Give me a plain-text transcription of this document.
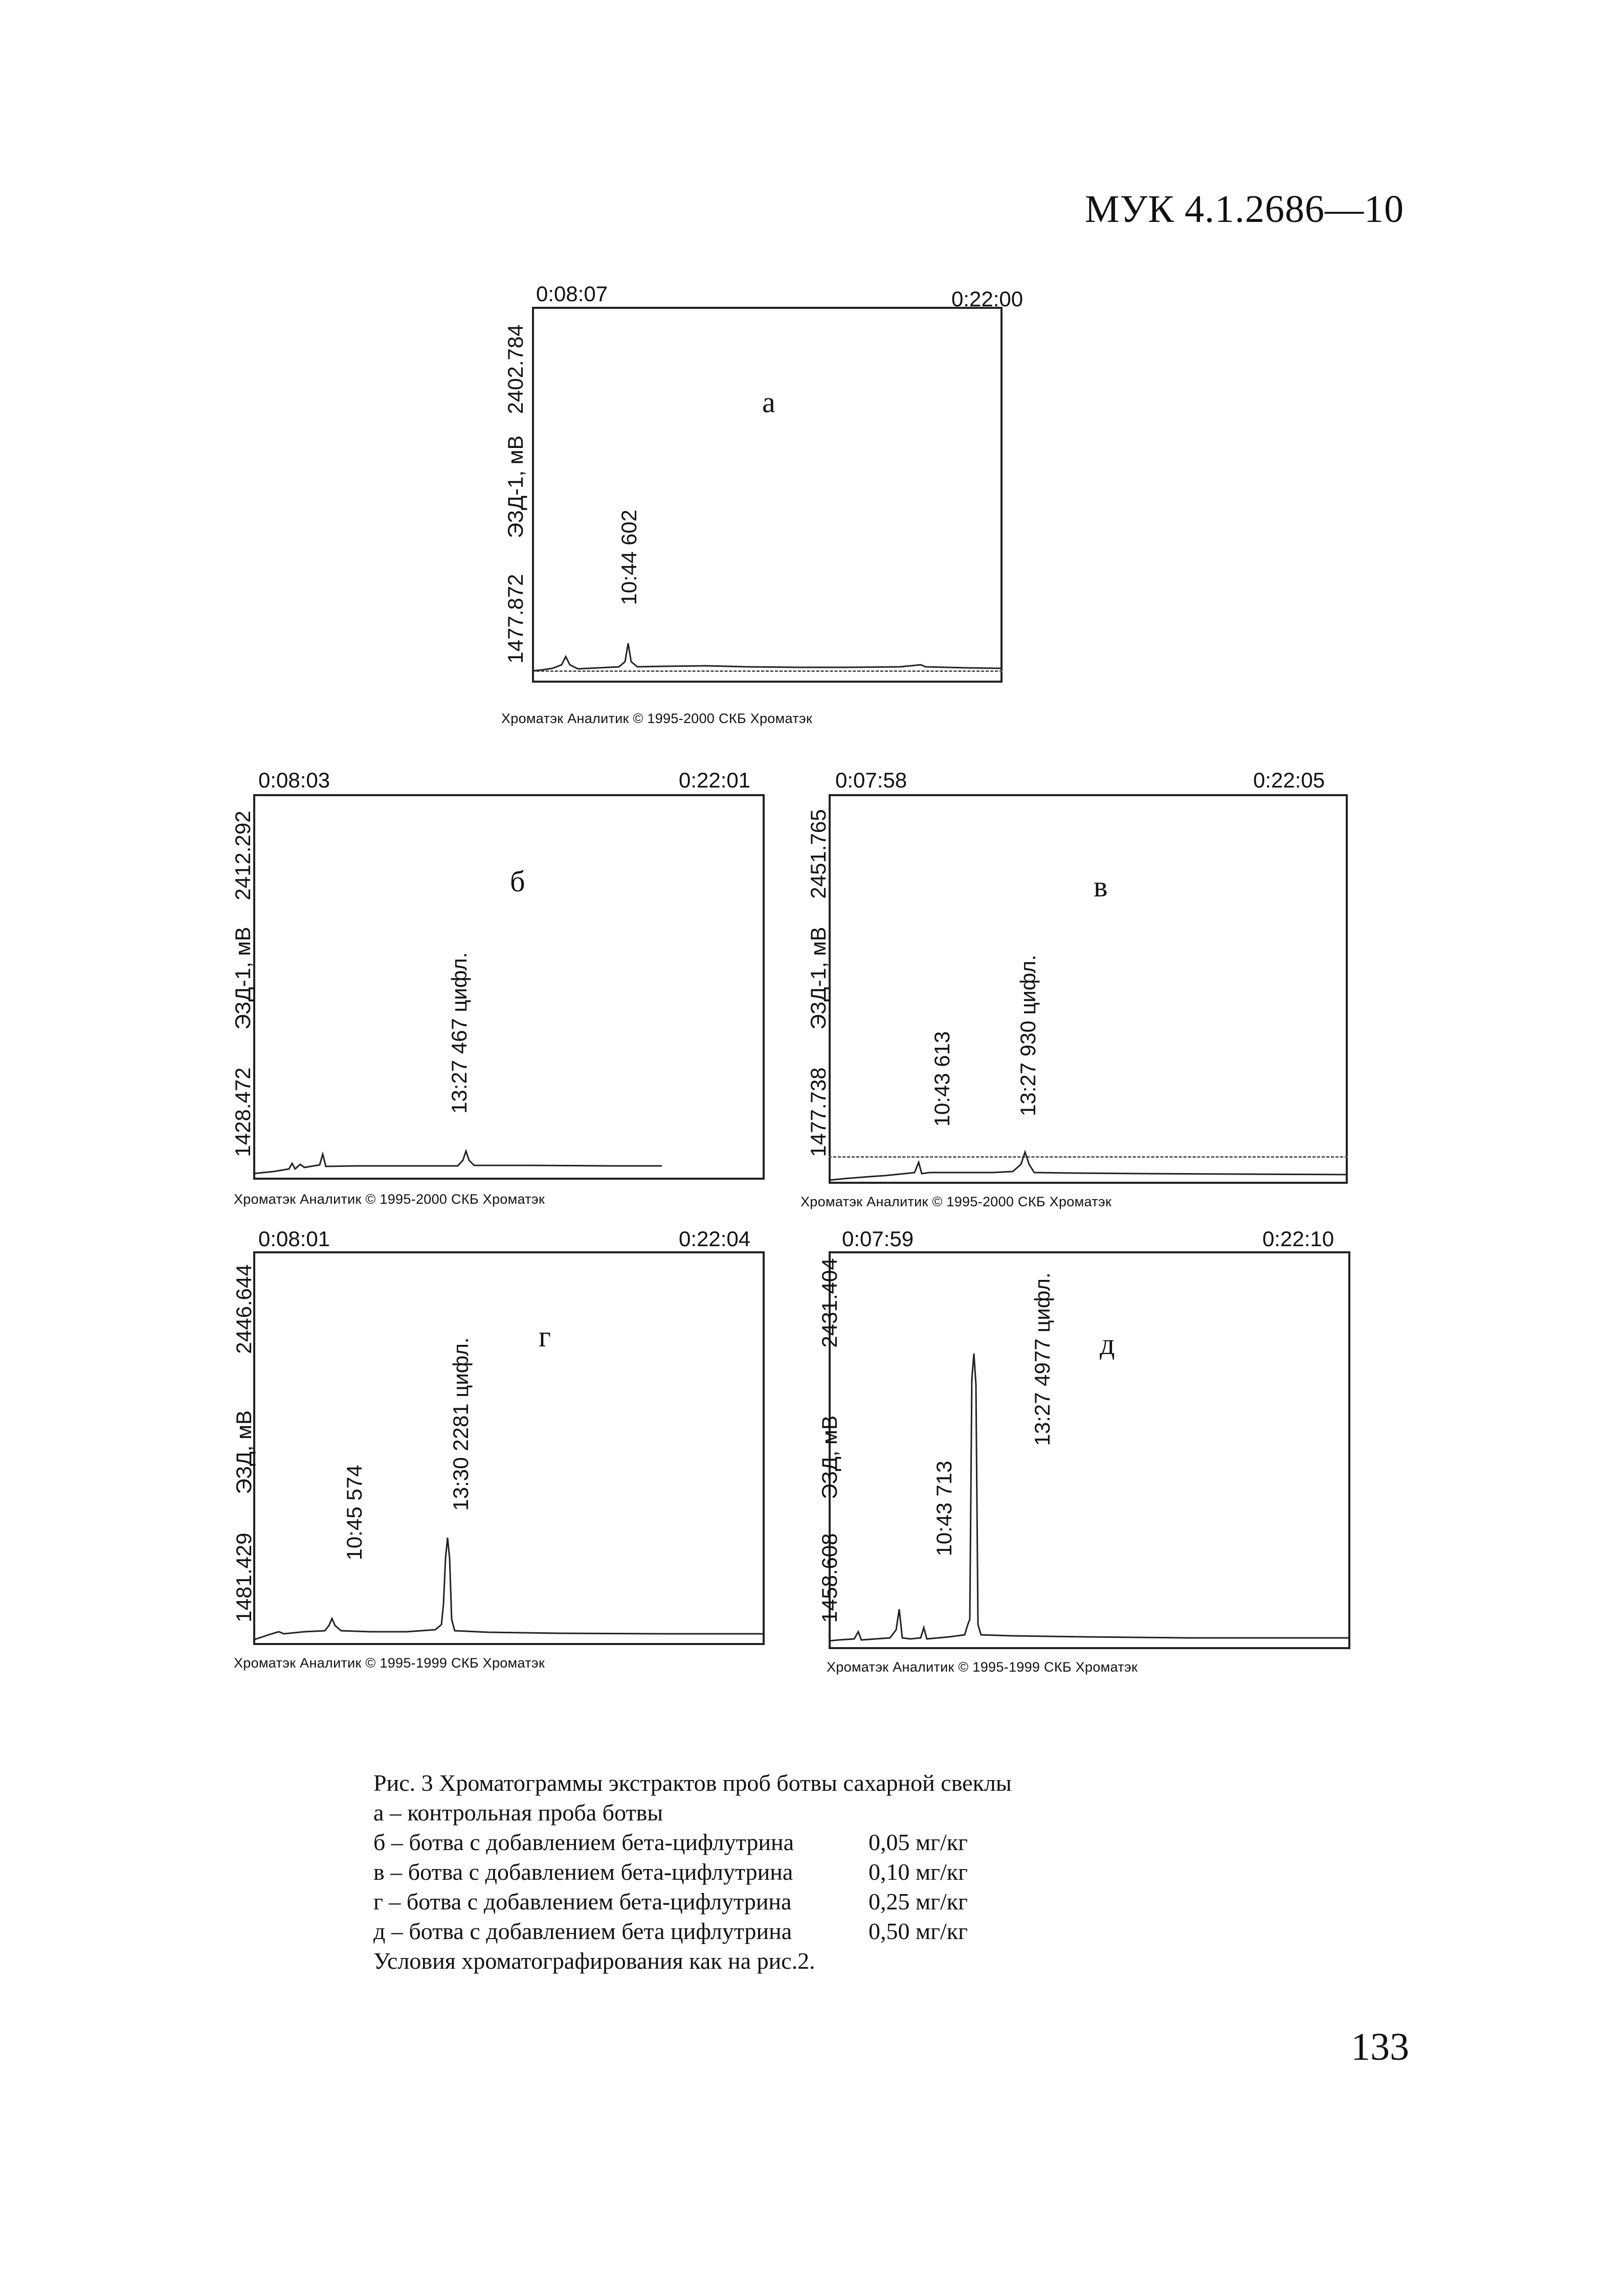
МУК 4.1.2686—10
0:08:07	0:22:00
2402.784
ЭЗД-1, мВ
1477.872
а
10:44 602
Хроматэк Аналитик © 1995-2000 СКБ Хроматэк
0:08:03	0:22:01
2412.292
ЭЗД-1, мВ
1428.472
б
13:27 467 цифл.
Хроматэк Аналитик © 1995-2000 СКБ Хроматэк
0:07:58	0:22:05
2451.765
ЭЗД-1, мВ
1477.738
в
10:43 613	13:27 930 цифл.
Хроматэк Аналитик © 1995-2000 СКБ Хроматэк
0:08:01	0:22:04
2446.644
ЭЗД, мВ
1481.429
г
10:45 574
13:30 2281 цифл.
Хроматэк Аналитик © 1995-1999 СКБ Хроматэк
0:07:59	0:22:10
2431.404
ЭЗД, мВ
1458.608
д
10:43 713
13:27 4977 цифл.
Хроматэк Аналитик © 1995-1999 СКБ Хроматэк
Рис. 3 Хроматограммы экстрактов проб ботвы сахарной свеклы
а – контрольная проба ботвы
б – ботва с добавлением бета-цифлутрина	0,05 мг/кг
в – ботва с добавлением бета-цифлутрина	0,10 мг/кг
г – ботва с добавлением бета-цифлутрина	0,25 мг/кг
д – ботва с добавлением бета цифлутрина	0,50 мг/кг
Условия хроматографирования как на рис.2.
133
